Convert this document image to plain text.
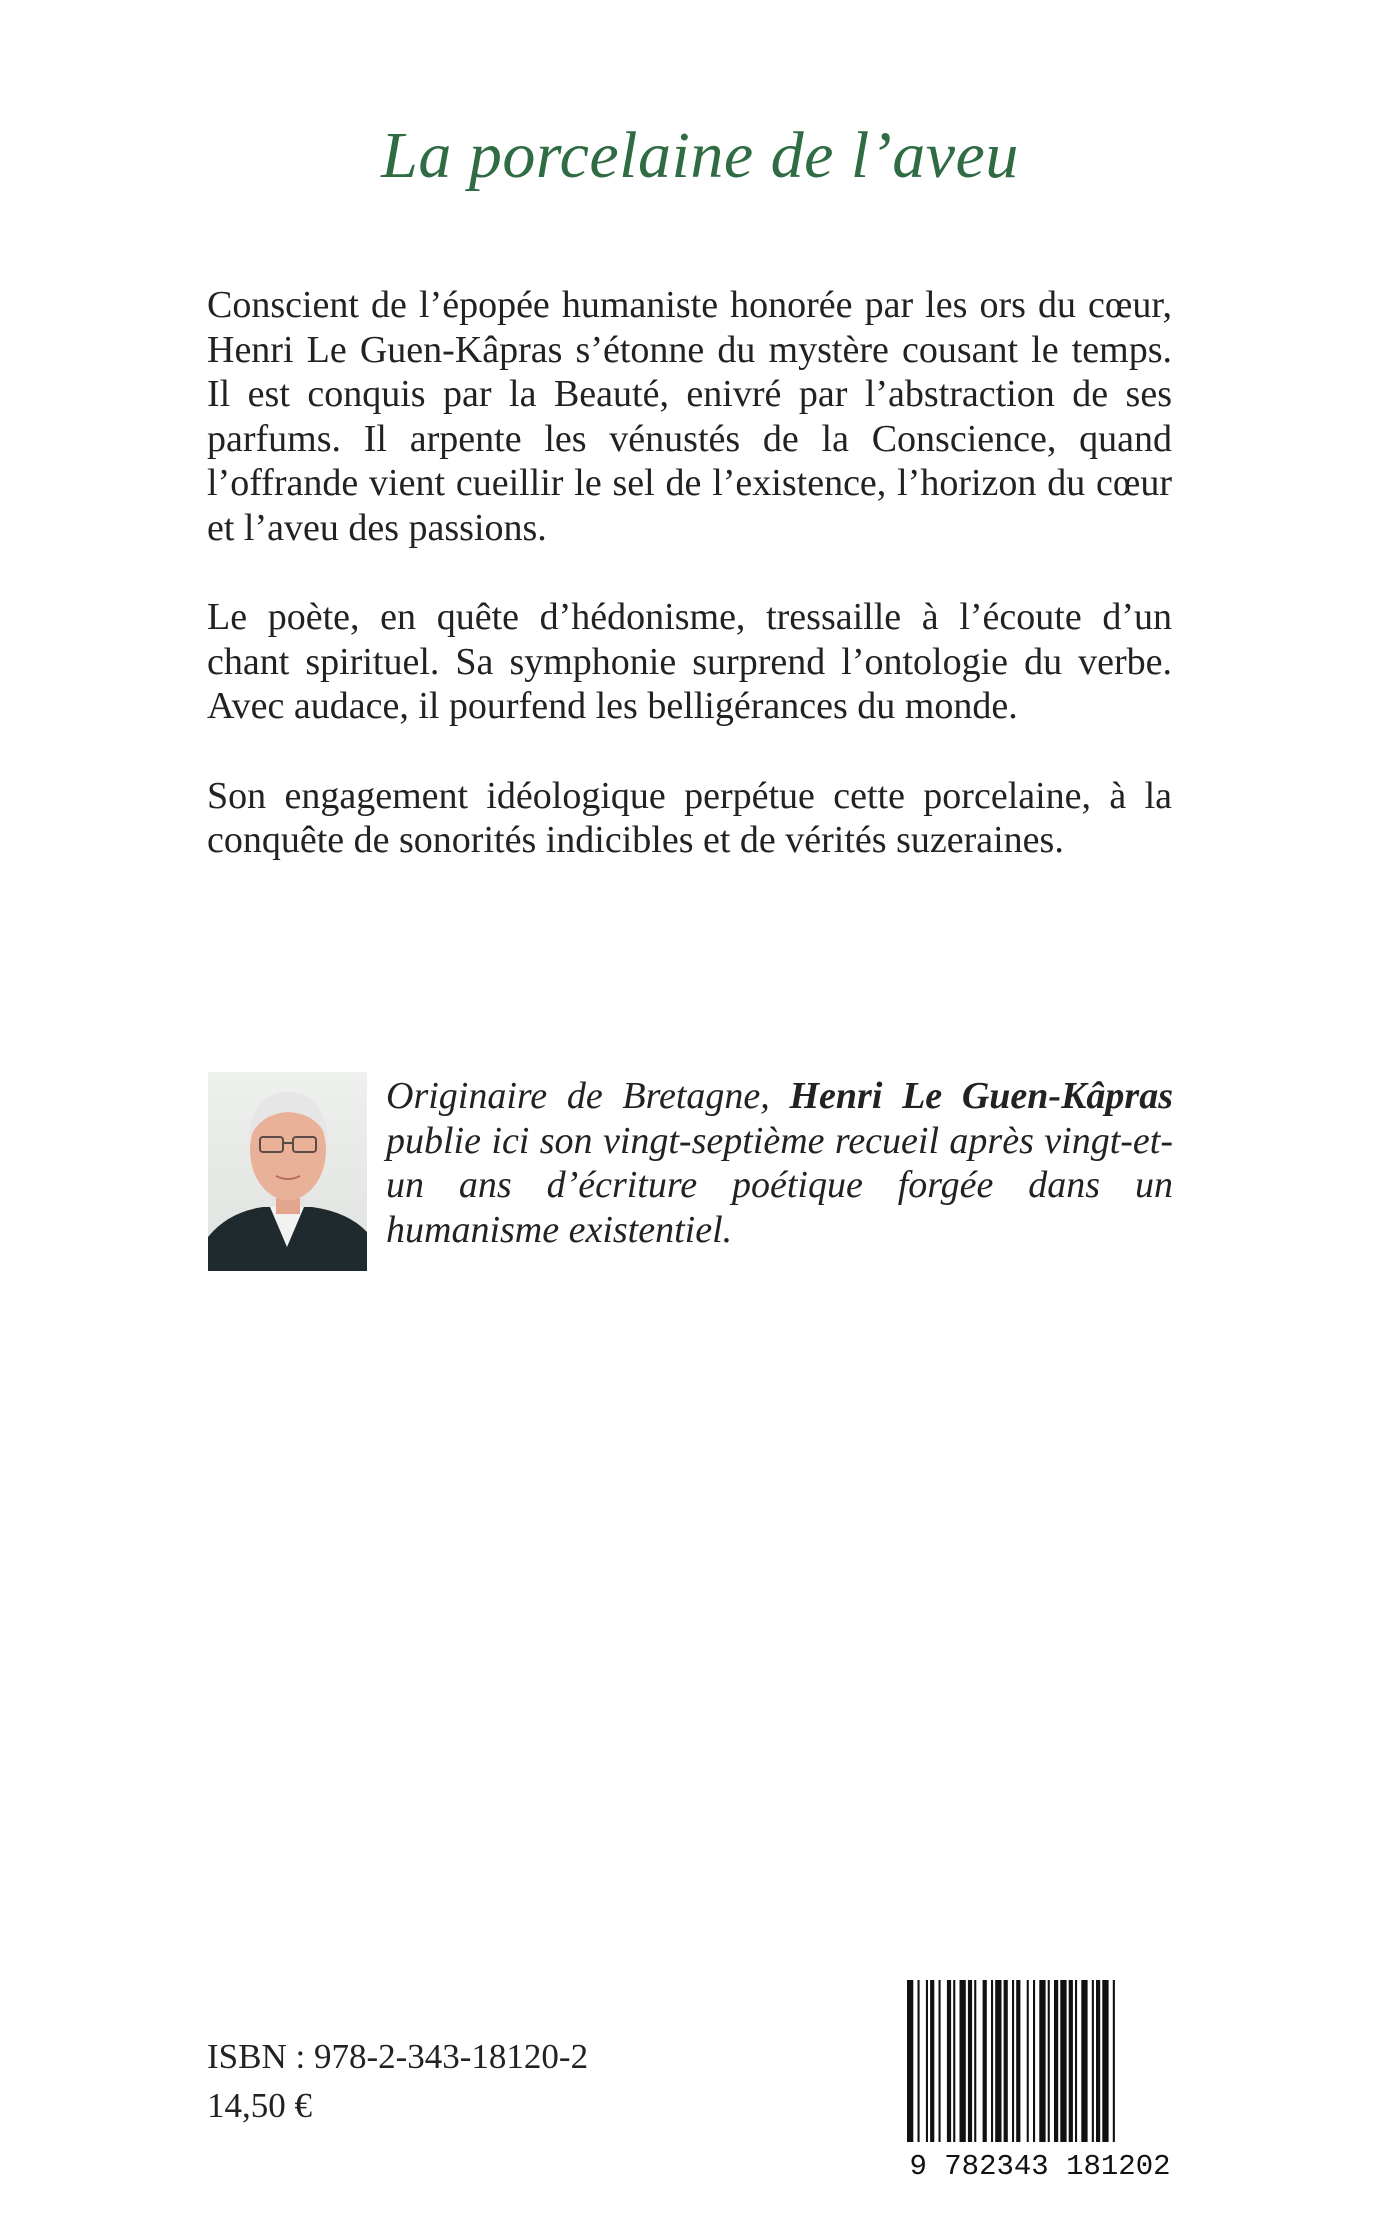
La porcelaine de l’aveu

Conscient de l’épopée humaniste honorée par les ors du cœur, Henri Le Guen-Kâpras s’étonne du mystère cousant le temps. Il est conquis par la Beauté, enivré par l’abstraction de ses parfums. Il arpente les vénustés de la Conscience, quand l’offrande vient cueillir le sel de l’existence, l’horizon du cœur et l’aveu des passions.

Le poète, en quête d’hédonisme, tressaille à l’écoute d’un chant spirituel. Sa symphonie surprend l’ontologie du verbe. Avec audace, il pourfend les belligérances du monde.

Son engagement idéologique perpétue cette porcelaine, à la conquête de sonorités indicibles et de vérités suzeraines.

Originaire de Bretagne, Henri Le Guen-Kâpras publie ici son vingt-septième recueil après vingt-et-un ans d’écriture poétique forgée dans un humanisme existentiel.
ISBN : 978-2-343-18120-2
14,50 €
9 782343 181202
